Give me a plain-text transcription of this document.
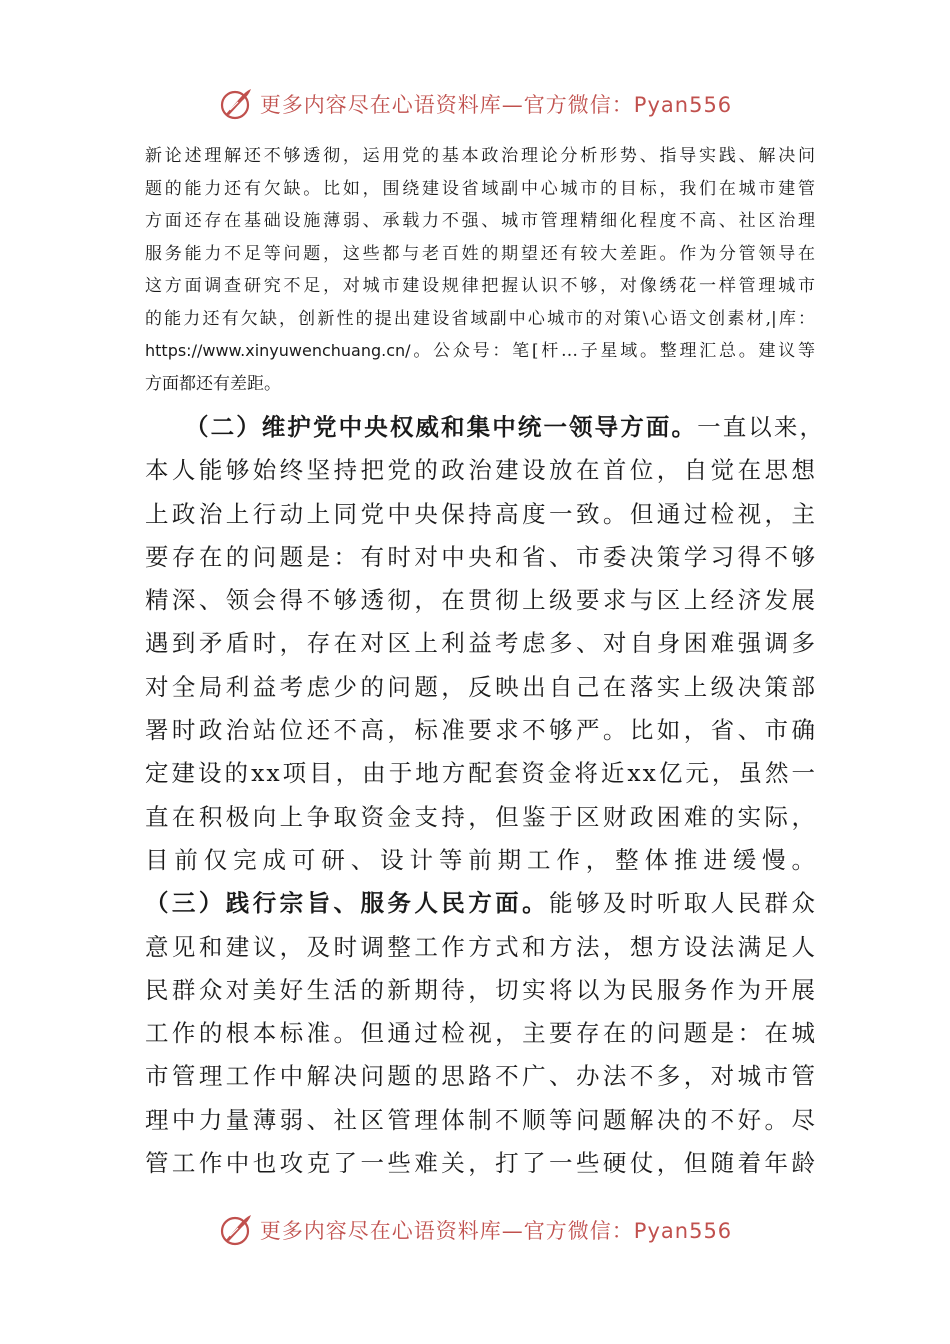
更多内容尽在心语资料库—官方微信：Pyan556
新论述理解还不够透彻，运用党的基本政治理论分析形势、指导实践、解决问
题的能力还有欠缺。比如，围绕建设省域副中心城市的目标，我们在城市建管
方面还存在基础设施薄弱、承载力不强、城市管理精细化程度不高、社区治理
服务能力不足等问题，这些都与老百姓的期望还有较大差距。作为分管领导在
这方面调查研究不足，对城市建设规律把握认识不够，对像绣花一样管理城市
的能力还有欠缺，创新性的提出建设省域副中心城市的对策\心语文创素材,|库：
https://www.xinyuwenchuang.cn/。公众号：笔[杆…子星域。整理汇总。建议等
方面都还有差距。
（二）维护党中央权威和集中统一领导方面。一直以来，
本人能够始终坚持把党的政治建设放在首位，自觉在思想
上政治上行动上同党中央保持高度一致。但通过检视，主
要存在的问题是：有时对中央和省、市委决策学习得不够
精深、领会得不够透彻，在贯彻上级要求与区上经济发展
遇到矛盾时，存在对区上利益考虑多、对自身困难强调多
对全局利益考虑少的问题，反映出自己在落实上级决策部
署时政治站位还不高，标准要求不够严。比如，省、市确
定建设的xx项目，由于地方配套资金将近xx亿元，虽然一
直在积极向上争取资金支持，但鉴于区财政困难的实际，
目前仅完成可研、设计等前期工作，整体推进缓慢。
（三）践行宗旨、服务人民方面。能够及时听取人民群众
意见和建议，及时调整工作方式和方法，想方设法满足人
民群众对美好生活的新期待，切实将以为民服务作为开展
工作的根本标准。但通过检视，主要存在的问题是：在城
市管理工作中解决问题的思路不广、办法不多，对城市管
理中力量薄弱、社区管理体制不顺等问题解决的不好。尽
管工作中也攻克了一些难关，打了一些硬仗，但随着年龄
更多内容尽在心语资料库—官方微信：Pyan556
